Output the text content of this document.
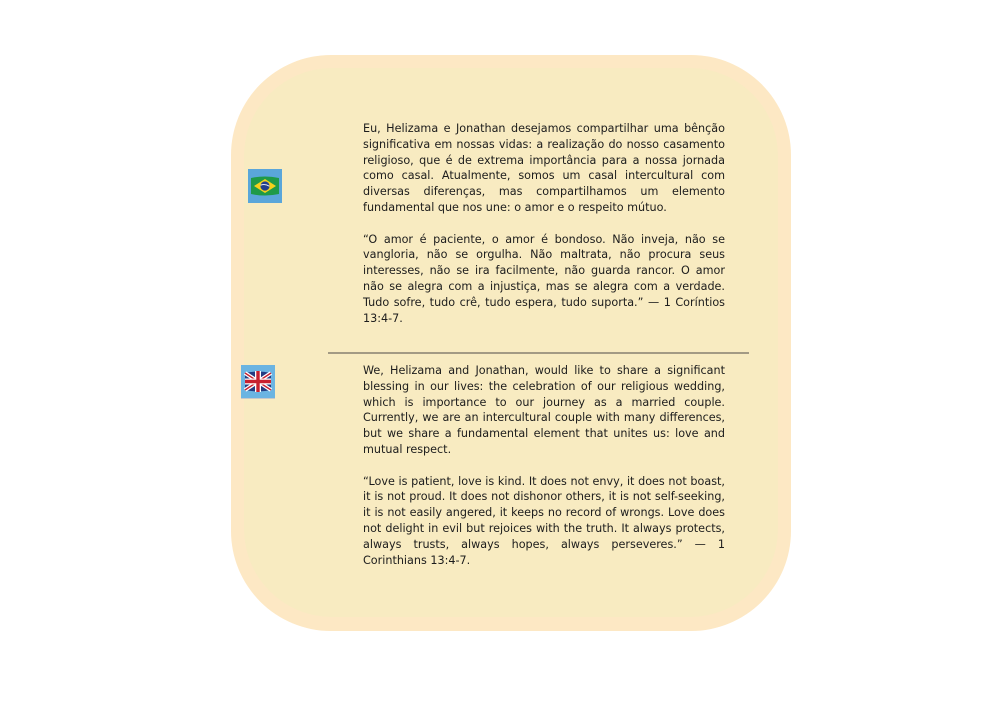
Eu, Helizama e Jonathan desejamos compartilhar uma bênção significativa em nossas vidas: a realização do nosso casamento religioso, que é de extrema importância para a nossa jornada como casal. Atualmente, somos um casal intercultural com diversas diferenças, mas compartilhamos um elemento fundamental que nos une: o amor e o respeito mútuo.

“O amor é paciente, o amor é bondoso. Não inveja, não se vangloria, não se orgulha. Não maltrata, não procura seus interesses, não se ira facilmente, não guarda rancor. O amor não se alegra com a injustiça, mas se alegra com a verdade. Tudo sofre, tudo crê, tudo espera, tudo suporta.” — 1 Coríntios 13:4-7.

We, Helizama and Jonathan, would like to share a significant blessing in our lives: the celebration of our religious wedding, which is importance to our journey as a married couple. Currently, we are an intercultural couple with many differences, but we share a fundamental element that unites us: love and mutual respect.

“Love is patient, love is kind. It does not envy, it does not boast, it is not proud. It does not dishonor others, it is not self-seeking, it is not easily angered, it keeps no record of wrongs. Love does not delight in evil but rejoices with the truth. It always protects, always trusts, always hopes, always perseveres.” — 1 Corinthians 13:4-7.
